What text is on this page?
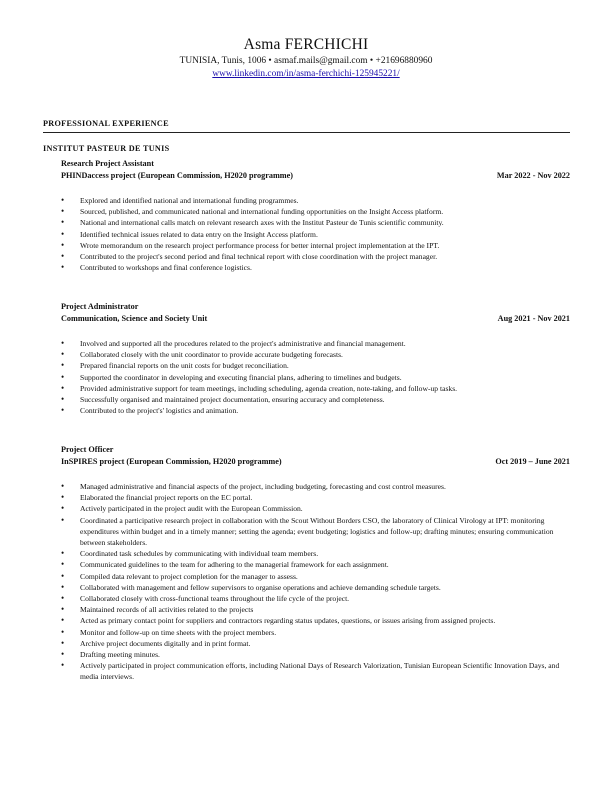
Asma FERCHICHI
TUNISIA, Tunis, 1006 • asmaf.mails@gmail.com • +21696880960
www.linkedin.com/in/asma-ferchichi-125945221/
PROFESSIONAL EXPERIENCE
INSTITUT PASTEUR DE TUNIS
Research Project Assistant
PHINDaccess project (European Commission, H2020 programme)	Mar 2022 - Nov 2022
• Explored and identified national and international funding programmes.
• Sourced, published, and communicated national and international funding opportunities on the Insight Access platform.
• National and international calls match on relevant research axes with the Institut Pasteur de Tunis scientific community.
• Identified technical issues related to data entry on the Insight Access platform.
• Wrote memorandum on the research project performance process for better internal project implementation at the IPT.
• Contributed to the project's second period and final technical report with close coordination with the project manager.
• Contributed to workshops and final conference logistics.
Project Administrator
Communication, Science and Society Unit	Aug 2021 - Nov 2021
• Involved and supported all the procedures related to the project's administrative and financial management.
• Collaborated closely with the unit coordinator to provide accurate budgeting forecasts.
• Prepared financial reports on the unit costs for budget reconciliation.
• Supported the coordinator in developing and executing financial plans, adhering to timelines and budgets.
• Provided administrative support for team meetings, including scheduling, agenda creation, note-taking, and follow-up tasks.
• Successfully organised and maintained project documentation, ensuring accuracy and completeness.
• Contributed to the project's' logistics and animation.
Project Officer
InSPIRES project (European Commission, H2020 programme)	Oct 2019 – June 2021
• Managed administrative and financial aspects of the project, including budgeting, forecasting and cost control measures.
• Elaborated the financial project reports on the EC portal.
• Actively participated in the project audit with the European Commission.
• Coordinated a participative research project in collaboration with the Scout Without Borders CSO, the laboratory of Clinical Virology at IPT: monitoring expenditures within budget and in a timely manner; setting the agenda; event budgeting; logistics and follow-up; drafting minutes; ensuring communication between stakeholders.
• Coordinated task schedules by communicating with individual team members.
• Communicated guidelines to the team for adhering to the managerial framework for each assignment.
• Compiled data relevant to project completion for the manager to assess.
• Collaborated with management and fellow supervisors to organise operations and achieve demanding schedule targets.
• Collaborated closely with cross-functional teams throughout the life cycle of the project.
• Maintained records of all activities related to the projects
• Acted as primary contact point for suppliers and contractors regarding status updates, questions, or issues arising from assigned projects.
• Monitor and follow-up on time sheets with the project members.
• Archive project documents digitally and in print format.
• Drafting meeting minutes.
• Actively participated in project communication efforts, including National Days of Research Valorization, Tunisian European Scientific Innovation Days, and media interviews.
